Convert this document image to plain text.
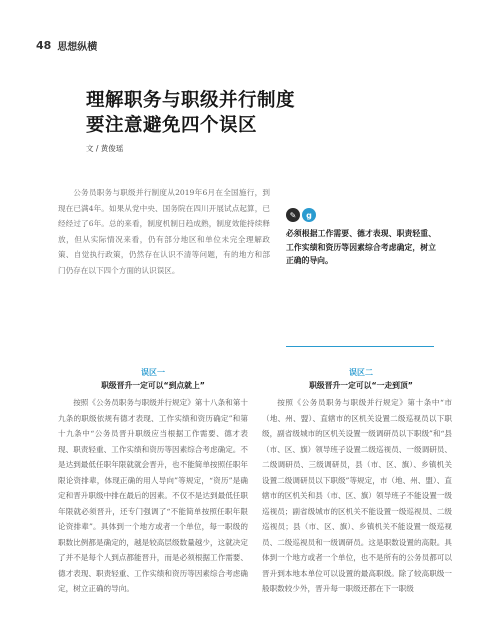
48 思想纵横
理解职务与职级并行制度
要注意避免四个误区
文 / 黄俊瑶
公务员职务与职级并行制度从2019年6月在全国施行，到现在已满4年。如果从党中央、国务院在四川开展试点起算，已经经过了6年。总的来看，制度机制日趋成熟，制度效能持续释放，但从实际情况来看，仍有部分地区和单位未完全理解政策、自觉执行政策，仍然存在认识不清等问题，有的地方和部门仍存在以下四个方面的认识误区。
✎	g
必须根据工作需要、德才表现、职责轻重、工作实绩和资历等因素综合考虑确定，树立正确的导向。
误区一
职级晋升一定可以“到点就上”
误区二
职级晋升一定可以“一走到顶”
按照《公务员职务与职级并行规定》第十八条和第十九条的职级依规有德才表现、工作实绩和资历确定”和第十九条中“公务员晋升职级应当根据工作需要、德才表现、职责轻重、工作实绩和资历等因素综合考虑确定。不是达到最低任职年限就就会晋升，也不能简单按照任职年限论资排辈，体现正确的用人导向”等规定，“资历”是确定和晋升职级中排在最后的因素。不仅不是达到最低任职年限就必须晋升，还专门强调了“不能简单按照任职年限论资排辈”。具体到一个地方或者一个单位，每一职级的职数比例都是确定的，越是较高层级数量越少，这就决定了并不是每个人到点都能晋升，而是必须根据工作需要、德才表现、职责轻重、工作实绩和资历等因素综合考虑确定，树立正确的导向。
按照《公务员职务与职级并行规定》第十条中“市（地、州、盟）、直辖市的区机关设置二级巡视员以下职级，副省级城市的区机关设置一级调研员以下职级”和“县（市、区、旗）领导班子设置二级巡视员、一级调研员、二级调研员、三级调研员，县（市、区、旗）、乡镇机关设置二级调研员以下职级”等规定，市（地、州、盟）、直辖市的区机关和县（市、区、旗）领导班子不能设置一级巡视员；副省级城市的区机关不能设置一级巡视员、二级巡视员；县（市、区、旗）、乡镇机关不能设置一级巡视员、二级巡视员和一级调研员。这是职数设置的高限。具体到一个地方或者一个单位，也不是所有的公务员都可以晋升到本地本单位可以设置的最高职级。除了较高职级一般职数较少外，晋升每一职级还都在下一职级
